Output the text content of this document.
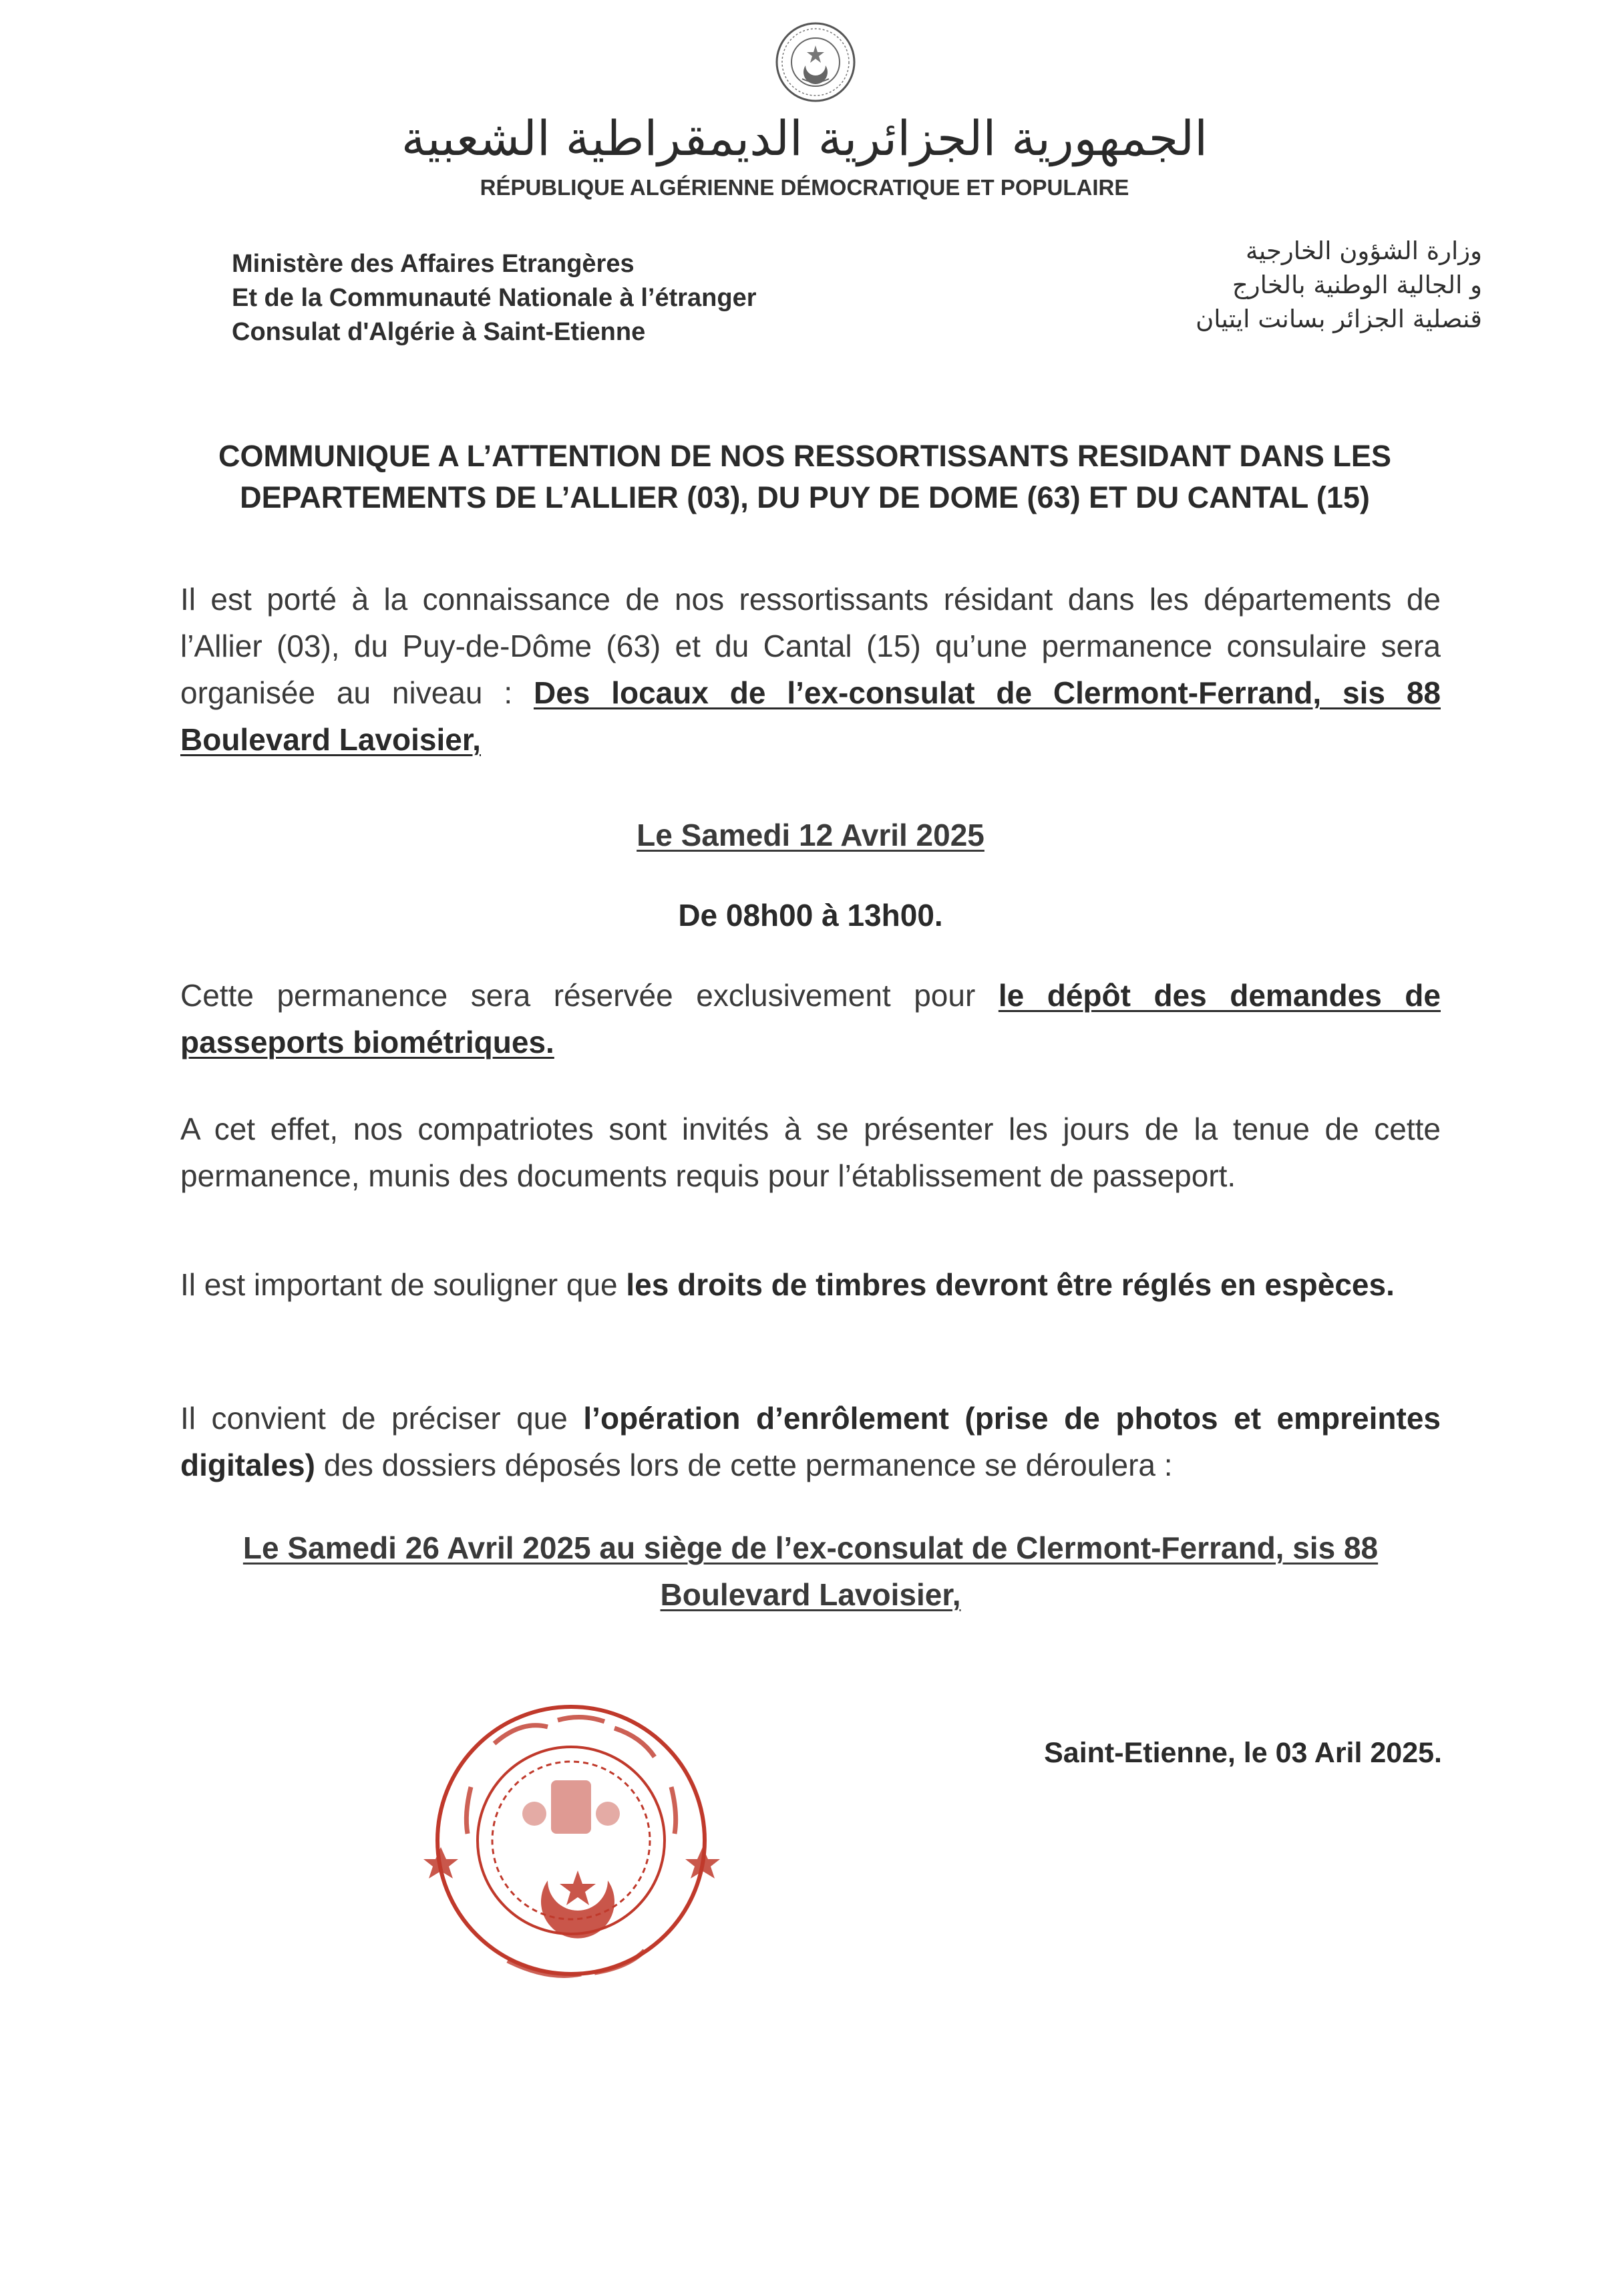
الجمهورية الجزائرية الديمقراطية الشعبية
RÉPUBLIQUE ALGÉRIENNE DÉMOCRATIQUE ET POPULAIRE
Ministère des Affaires Etrangères
Et de la Communauté Nationale à l’étranger
Consulat d'Algérie à Saint-Etienne
وزارة الشؤون الخارجية
و الجالية الوطنية بالخارج
قنصلية الجزائر بسانت ايتيان
COMMUNIQUE A L’ATTENTION DE NOS RESSORTISSANTS RESIDANT DANS LES
DEPARTEMENTS DE L’ALLIER (03), DU PUY DE DOME (63) ET DU CANTAL (15)
Il est porté à la connaissance de nos ressortissants résidant dans les départements de l’Allier (03), du Puy-de-Dôme (63) et du Cantal (15) qu’une permanence consulaire sera organisée au niveau : Des locaux de l’ex-consulat de Clermont-Ferrand, sis 88 Boulevard Lavoisier,
Le Samedi 12 Avril 2025
De 08h00 à 13h00.
Cette permanence sera réservée exclusivement pour le dépôt des demandes de passeports biométriques.
A cet effet, nos compatriotes sont invités à se présenter les jours de la tenue de cette permanence, munis des documents requis pour l’établissement de passeport.
Il est important de souligner que les droits de timbres devront être réglés en espèces.
Il convient de préciser que l’opération d’enrôlement (prise de photos et empreintes digitales) des dossiers déposés lors de cette permanence se déroulera :
Le Samedi 26 Avril 2025 au siège de l’ex-consulat de Clermont-Ferrand, sis 88
Boulevard Lavoisier,
Saint-Etienne, le 03 Aril 2025.
